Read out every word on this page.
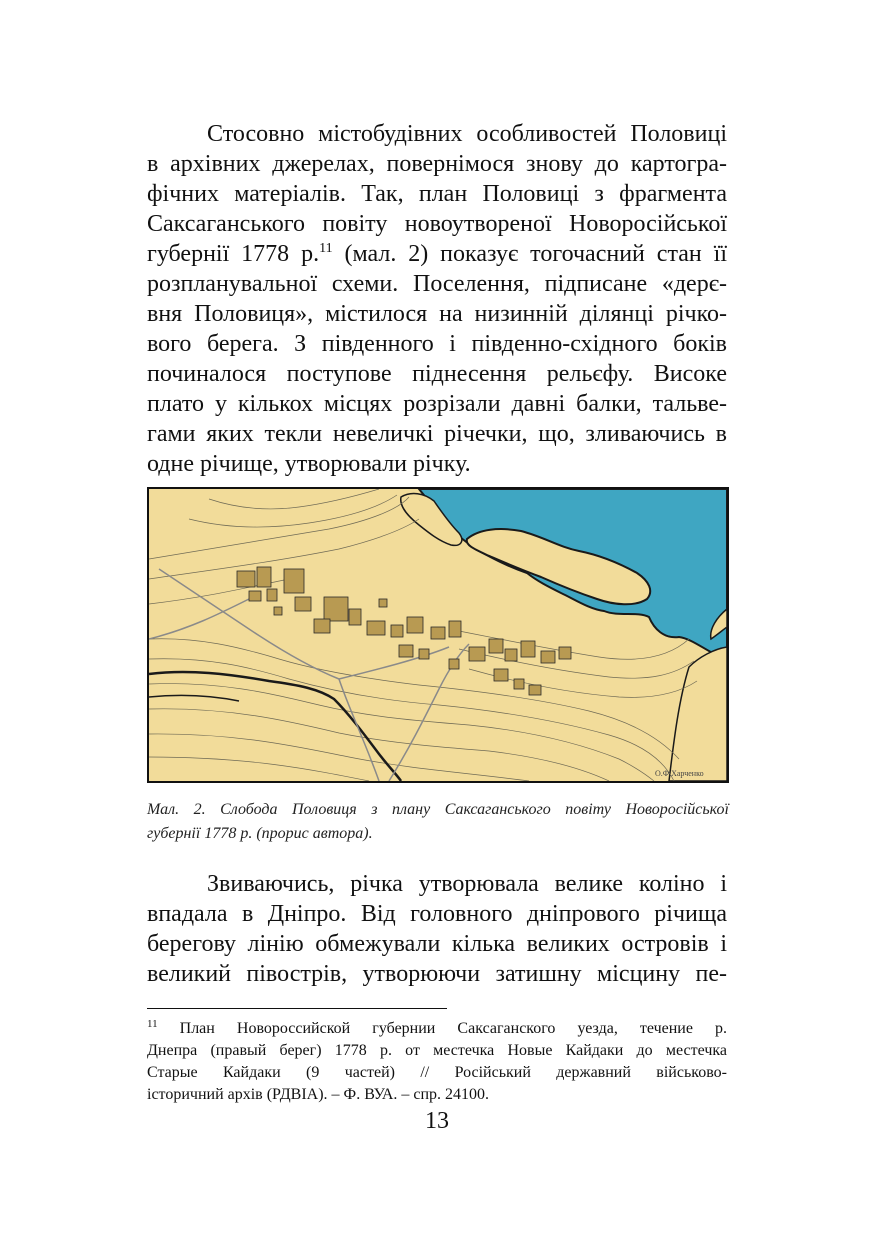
Стосовно містобудівних особливостей Половиці
в архівних джерелах, повернімося знову до картогра-
фічних матеріалів. Так, план Половиці з фрагмента
Саксаганського повіту новоутвореної Новоросійської
губернії 1778 р.$^{11}$ (мал. 2) показує тогочасний стан її
розпланувальної схеми. Поселення, підписане «дерє-
вня Половиця», містилося на низинній ділянці річко-
вого берега. З південного і південно-східного боків
починалося поступове піднесення рельєфу. Високе
плато у кількох місцях розрізали давні балки, тальве-
гами яких текли невеличкі річечки, що, зливаючись в
одне річище, утворювали річку.
О.Ф.Харченко
Мал. 2. Слобода Половиця з плану Саксаганського повіту Новоросійської
губернії 1778 р. (прорис автора).
Звиваючись, річка утворювала велике коліно і
впадала в Дніпро. Від головного дніпрового річища
берегову лінію обмежували кілька великих островів і
великий півострів, утворюючи затишну місцину пе-
$^{11}$ План Новороссийской губернии Саксаганского уезда, течение р.
Днепра (правый берег) 1778 р. от местечка Новые Кайдаки до местечка
Старые Кайдаки (9 частей) // Російський державний військово-
історичний архів (РДВІА). – Ф. ВУА. – спр. 24100.
13
